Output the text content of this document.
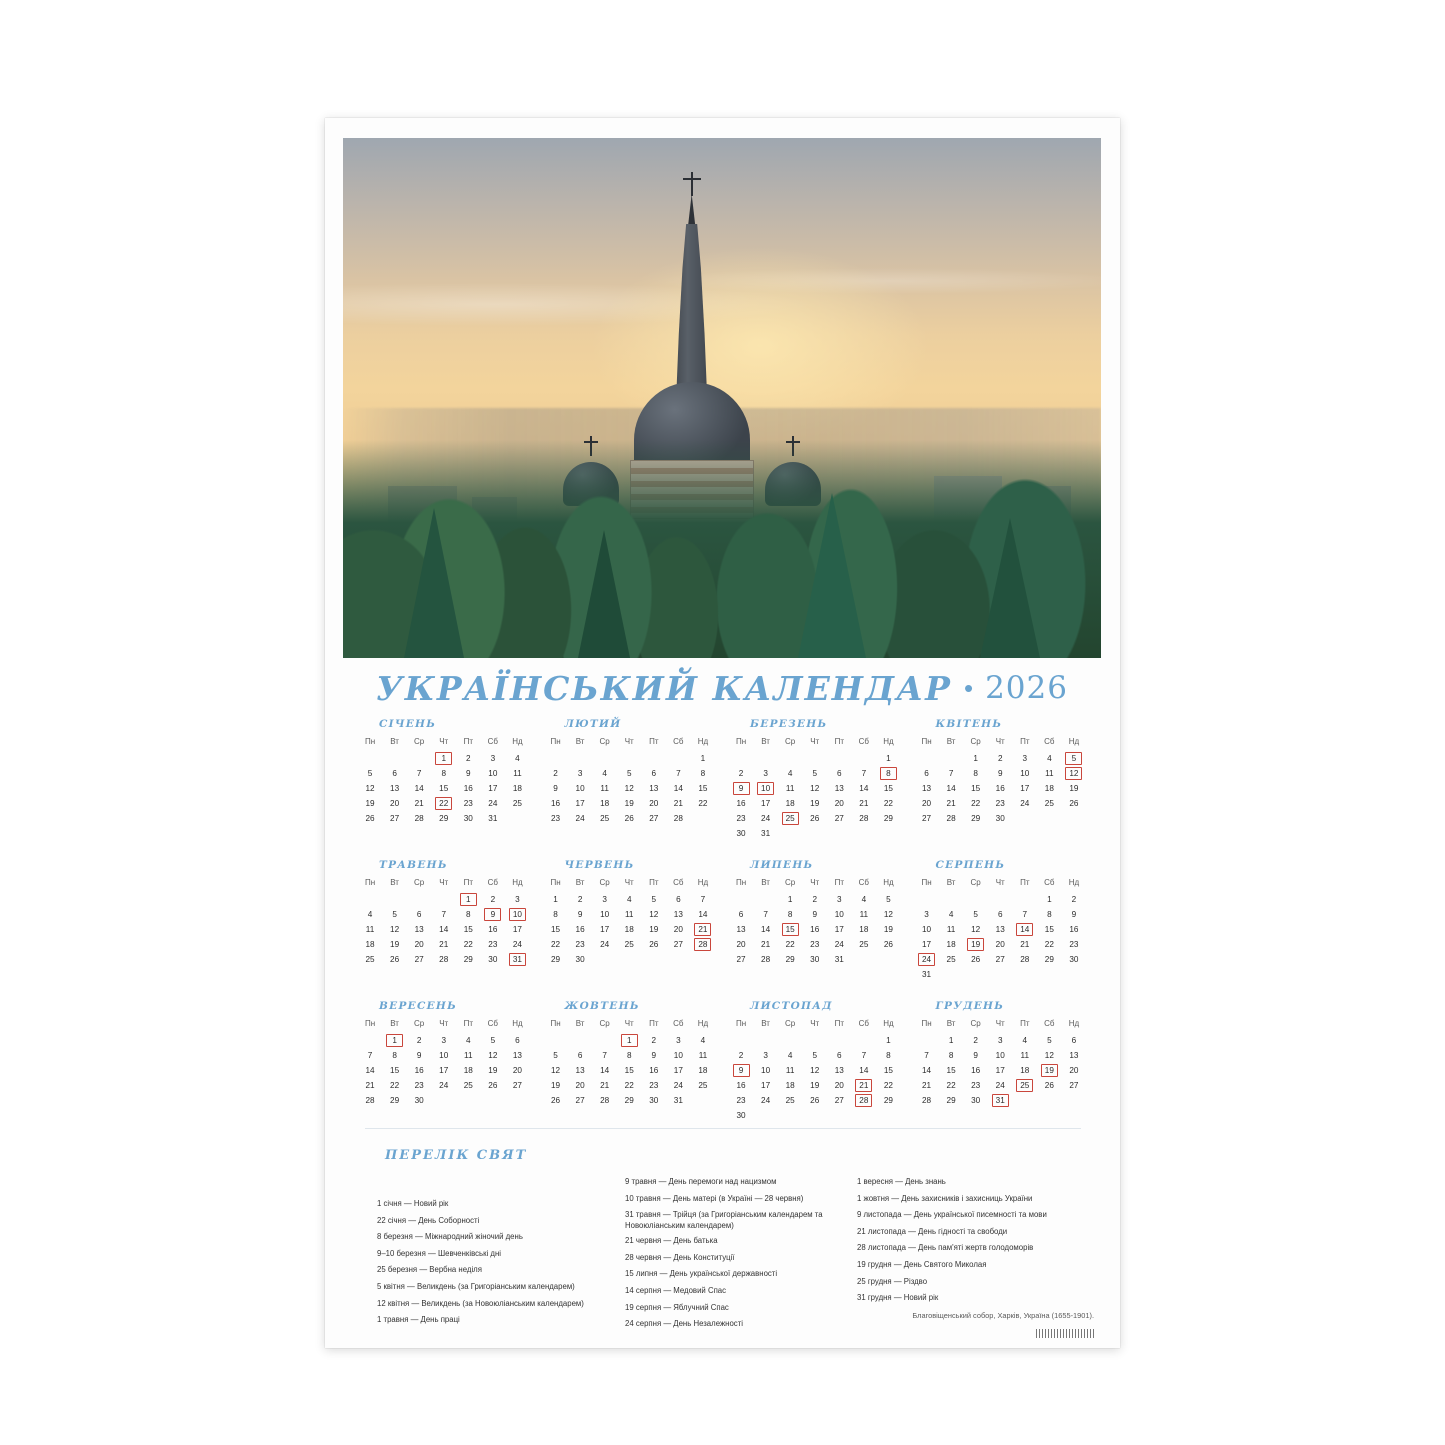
УКРАЇНСЬКИЙ КАЛЕНДАР • 2026
СІЧЕНЬ
Пн	Вт	Ср	Чт	Пт	Сб	Нд
			1	2	3	4
5	6	7	8	9	10	11
12	13	14	15	16	17	18
19	20	21	22	23	24	25
26	27	28	29	30	31	
ЛЮТИЙ
Пн	Вт	Ср	Чт	Пт	Сб	Нд
						1
2	3	4	5	6	7	8
9	10	11	12	13	14	15
16	17	18	19	20	21	22
23	24	25	26	27	28	
БЕРЕЗЕНЬ
Пн	Вт	Ср	Чт	Пт	Сб	Нд
						1
2	3	4	5	6	7	8
9	10	11	12	13	14	15
16	17	18	19	20	21	22
23	24	25	26	27	28	29
30	31					
КВІТЕНЬ
Пн	Вт	Ср	Чт	Пт	Сб	Нд
		1	2	3	4	5
6	7	8	9	10	11	12
13	14	15	16	17	18	19
20	21	22	23	24	25	26
27	28	29	30			
ТРАВЕНЬ
Пн	Вт	Ср	Чт	Пт	Сб	Нд
				1	2	3
4	5	6	7	8	9	10
11	12	13	14	15	16	17
18	19	20	21	22	23	24
25	26	27	28	29	30	31
ЧЕРВЕНЬ
Пн	Вт	Ср	Чт	Пт	Сб	Нд
1	2	3	4	5	6	7
8	9	10	11	12	13	14
15	16	17	18	19	20	21
22	23	24	25	26	27	28
29	30					
ЛИПЕНЬ
Пн	Вт	Ср	Чт	Пт	Сб	Нд
		1	2	3	4	5
6	7	8	9	10	11	12
13	14	15	16	17	18	19
20	21	22	23	24	25	26
27	28	29	30	31		
СЕРПЕНЬ
Пн	Вт	Ср	Чт	Пт	Сб	Нд
					1	2
3	4	5	6	7	8	9
10	11	12	13	14	15	16
17	18	19	20	21	22	23
24	25	26	27	28	29	30
31						
ВЕРЕСЕНЬ
Пн	Вт	Ср	Чт	Пт	Сб	Нд
	1	2	3	4	5	6
7	8	9	10	11	12	13
14	15	16	17	18	19	20
21	22	23	24	25	26	27
28	29	30				
ЖОВТЕНЬ
Пн	Вт	Ср	Чт	Пт	Сб	Нд
			1	2	3	4
5	6	7	8	9	10	11
12	13	14	15	16	17	18
19	20	21	22	23	24	25
26	27	28	29	30	31	
ЛИСТОПАД
Пн	Вт	Ср	Чт	Пт	Сб	Нд
						1
2	3	4	5	6	7	8
9	10	11	12	13	14	15
16	17	18	19	20	21	22
23	24	25	26	27	28	29
30						
ГРУДЕНЬ
Пн	Вт	Ср	Чт	Пт	Сб	Нд
	1	2	3	4	5	6
7	8	9	10	11	12	13
14	15	16	17	18	19	20
21	22	23	24	25	26	27
28	29	30	31			
ПЕРЕЛІК СВЯТ
1 січня — Новий рік
22 січня — День Соборності
8 березня — Міжнародний жіночий день
9–10 березня — Шевченківські дні
25 березня — Вербна неділя
5 квітня — Великдень (за Григоріанським календарем)
12 квітня — Великдень (за Новоюліанським календарем)
1 травня — День праці
9 травня — День перемоги над нацизмом
10 травня — День матері (в Україні — 28 червня)
31 травня — Трійця (за Григоріанським календарем та Новоюліанським календарем)
21 червня — День батька
28 червня — День Конституції
15 липня — День української державності
14 серпня — Медовий Спас
19 серпня — Яблучний Спас
24 серпня — День Незалежності
1 вересня — День знань
1 жовтня — День захисників і захисниць України
9 листопада — День української писемності та мови
21 листопада — День гідності та свободи
28 листопада — День пам'яті жертв голодоморів
19 грудня — День Святого Миколая
25 грудня — Різдво
31 грудня — Новий рік
Благовіщенський собор, Харків, Україна (1655-1901).
